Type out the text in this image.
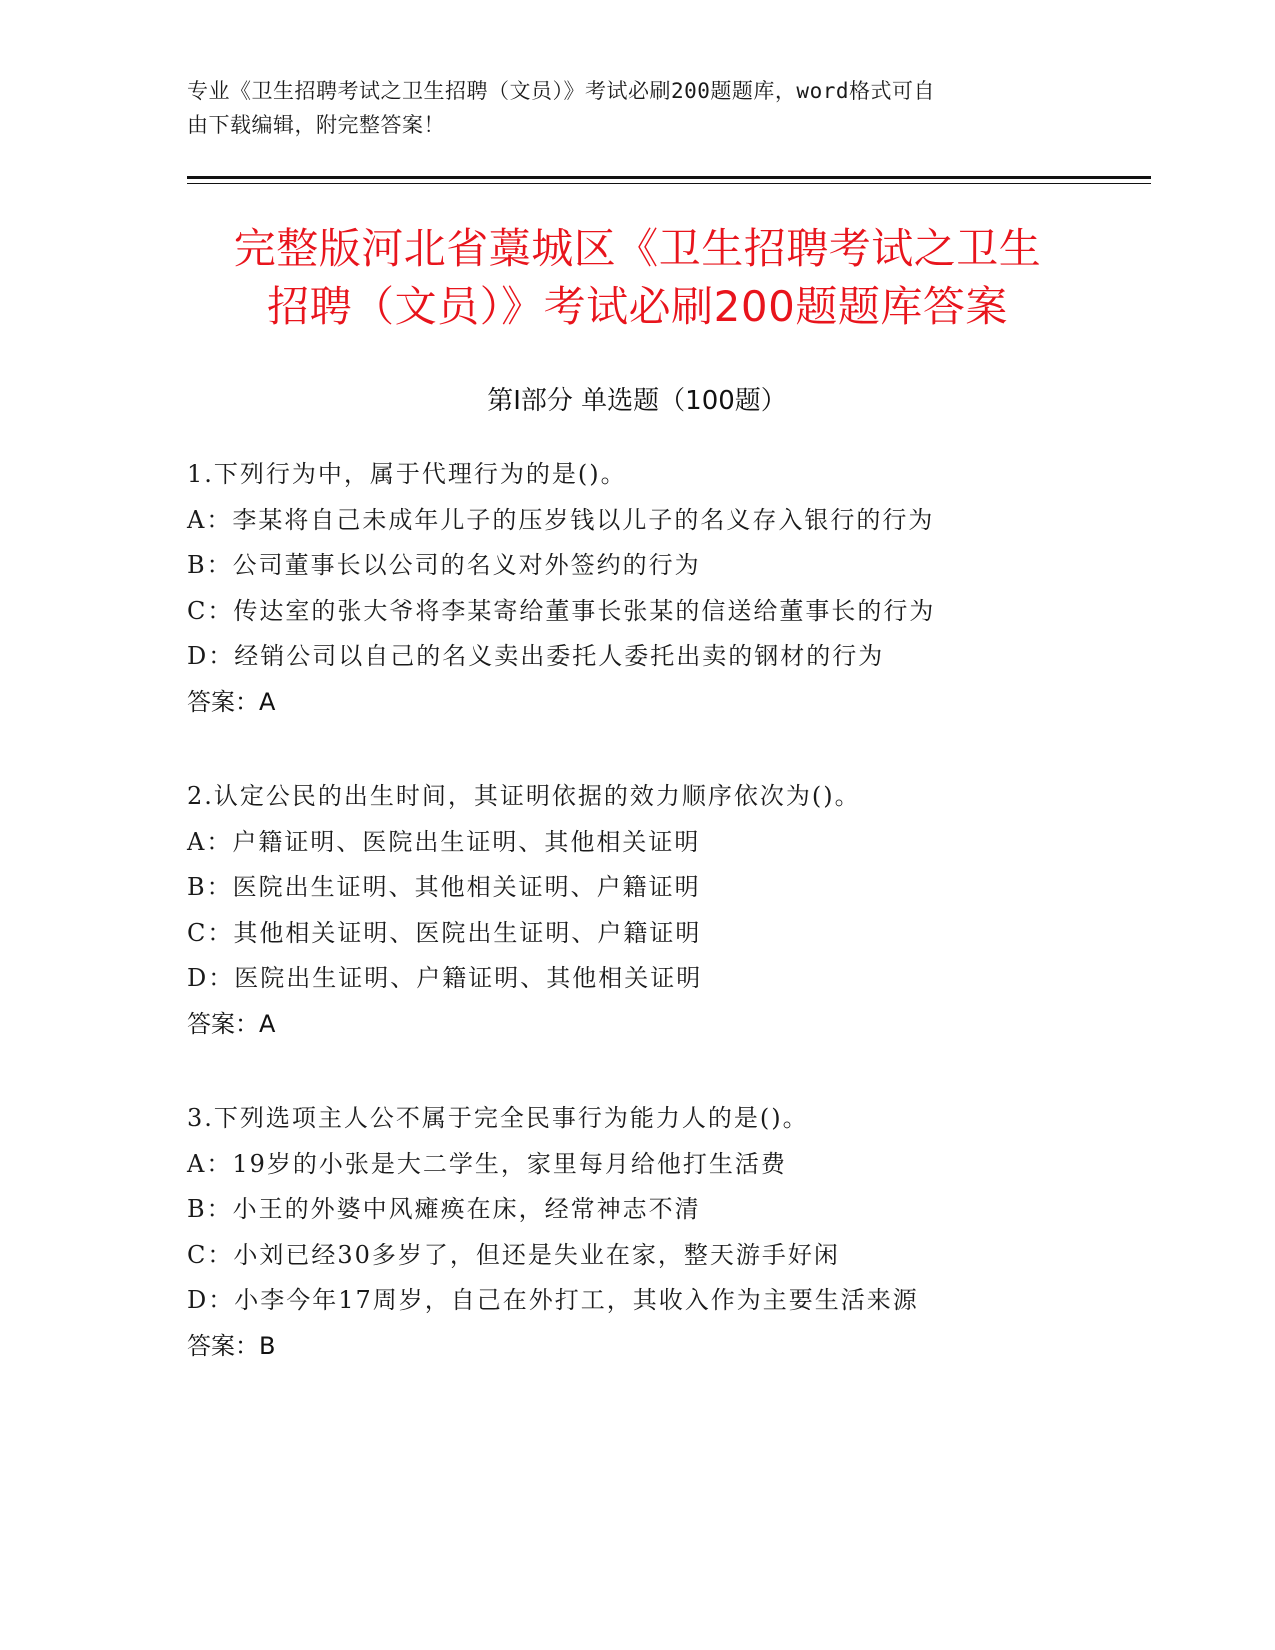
专业《卫生招聘考试之卫生招聘（文员）》考试必刷200题题库，word格式可自
由下载编辑，附完整答案！
完整版河北省藁城区《卫生招聘考试之卫生
招聘（文员）》考试必刷200题题库答案
第Ⅰ部分 单选题（100题）
1.下列行为中，属于代理行为的是()。
A：李某将自己未成年儿子的压岁钱以儿子的名义存入银行的行为
B：公司董事长以公司的名义对外签约的行为
C：传达室的张大爷将李某寄给董事长张某的信送给董事长的行为
D：经销公司以自己的名义卖出委托人委托出卖的钢材的行为
答案：A
2.认定公民的出生时间，其证明依据的效力顺序依次为()。
A：户籍证明、医院出生证明、其他相关证明
B：医院出生证明、其他相关证明、户籍证明
C：其他相关证明、医院出生证明、户籍证明
D：医院出生证明、户籍证明、其他相关证明
答案：A
3.下列选项主人公不属于完全民事行为能力人的是()。
A：19岁的小张是大二学生，家里每月给他打生活费
B：小王的外婆中风瘫痪在床，经常神志不清
C：小刘已经30多岁了，但还是失业在家，整天游手好闲
D：小李今年17周岁，自己在外打工，其收入作为主要生活来源
答案：B
